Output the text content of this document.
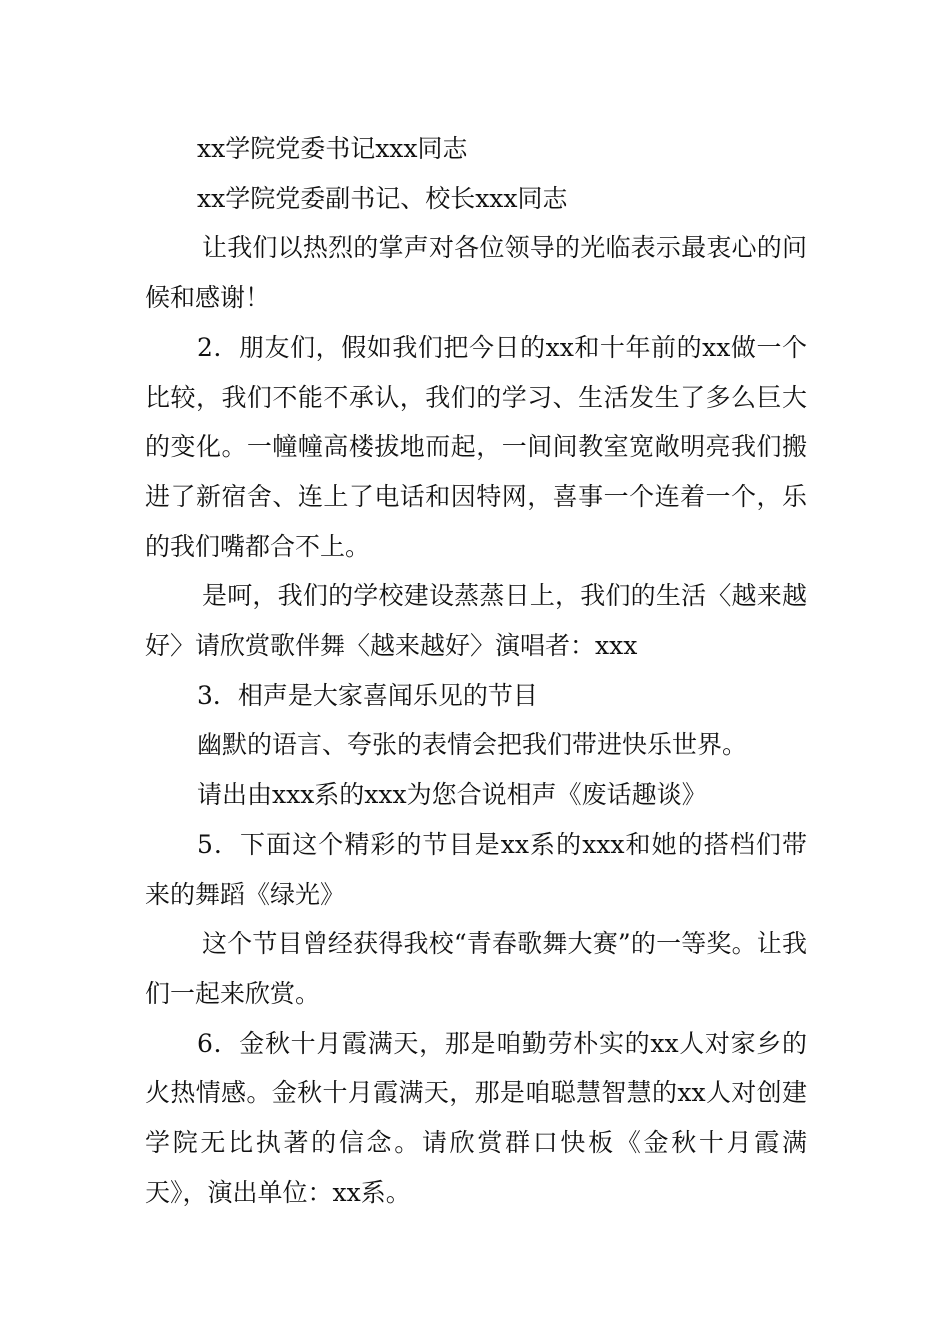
xx学院党委书记xxx同志

xx学院党委副书记、校长xxx同志

让我们以热烈的掌声对各位领导的光临表示最衷心的问候和感谢！

2．朋友们，假如我们把今日的xx和十年前的xx做一个比较，我们不能不承认，我们的学习、生活发生了多么巨大的变化。一幢幢高楼拔地而起，一间间教室宽敞明亮我们搬进了新宿舍、连上了电话和因特网，喜事一个连着一个，乐的我们嘴都合不上。

是呵，我们的学校建设蒸蒸日上，我们的生活〈越来越好〉请欣赏歌伴舞〈越来越好〉演唱者：xxx

3．相声是大家喜闻乐见的节目

幽默的语言、夸张的表情会把我们带进快乐世界。

请出由xxx系的xxx为您合说相声《废话趣谈》

5．下面这个精彩的节目是xx系的xxx和她的搭档们带来的舞蹈《绿光》

这个节目曾经获得我校“青春歌舞大赛”的一等奖。让我们一起来欣赏。

6．金秋十月霞满天，那是咱勤劳朴实的xx人对家乡的火热情感。金秋十月霞满天，那是咱聪慧智慧的xx人对创建学院无比执著的信念。请欣赏群口快板《金秋十月霞满天》，演出单位：xx系。
